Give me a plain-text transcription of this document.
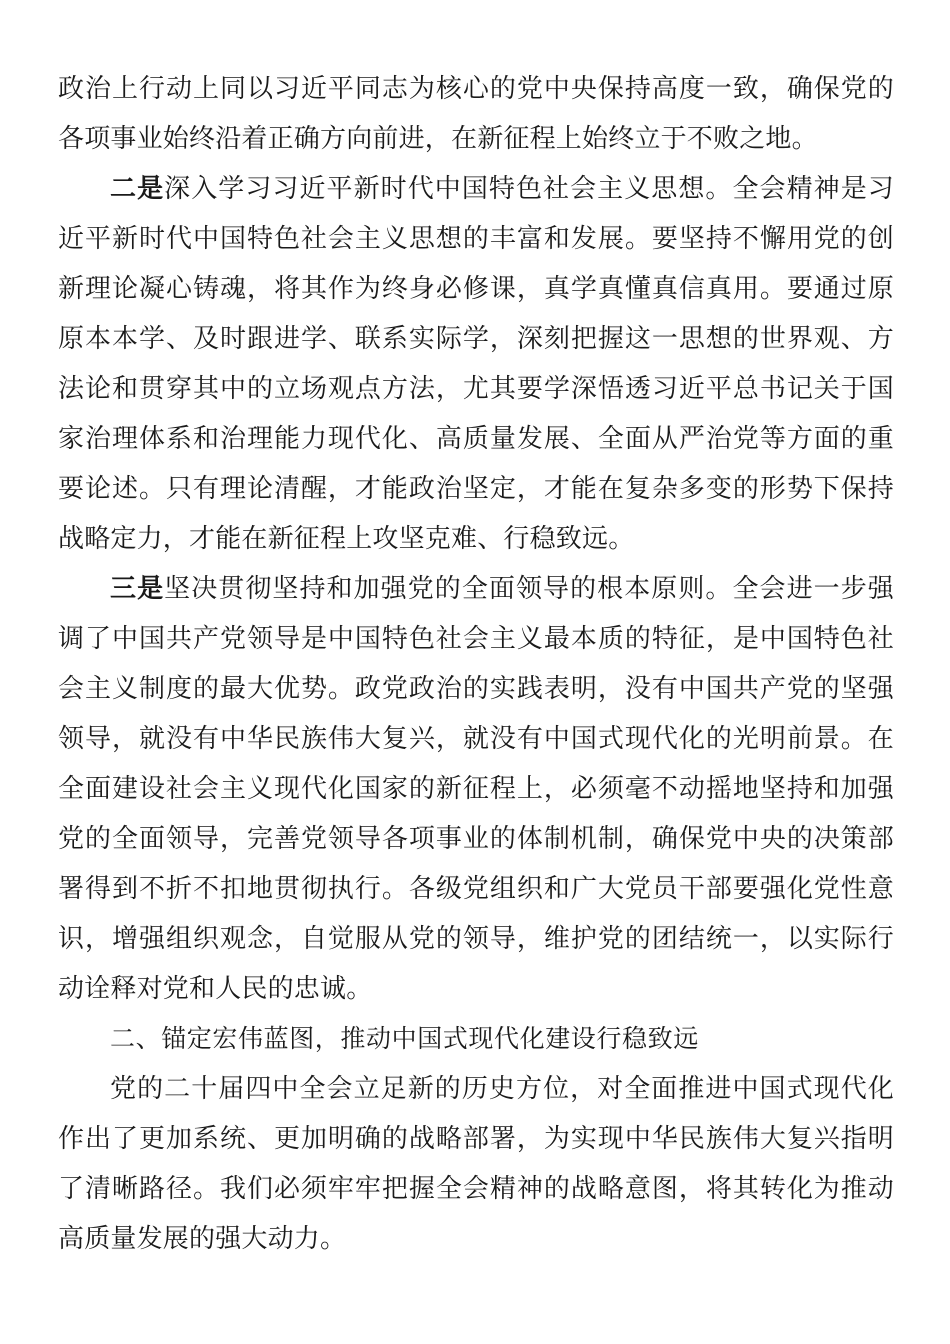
政治上行动上同以习近平同志为核心的党中央保持高度一致，确保党的各项事业始终沿着正确方向前进，在新征程上始终立于不败之地。

二是深入学习习近平新时代中国特色社会主义思想。全会精神是习近平新时代中国特色社会主义思想的丰富和发展。要坚持不懈用党的创新理论凝心铸魂，将其作为终身必修课，真学真懂真信真用。要通过原原本本学、及时跟进学、联系实际学，深刻把握这一思想的世界观、方法论和贯穿其中的立场观点方法，尤其要学深悟透习近平总书记关于国家治理体系和治理能力现代化、高质量发展、全面从严治党等方面的重要论述。只有理论清醒，才能政治坚定，才能在复杂多变的形势下保持战略定力，才能在新征程上攻坚克难、行稳致远。

三是坚决贯彻坚持和加强党的全面领导的根本原则。全会进一步强调了中国共产党领导是中国特色社会主义最本质的特征，是中国特色社会主义制度的最大优势。政党政治的实践表明，没有中国共产党的坚强领导，就没有中华民族伟大复兴，就没有中国式现代化的光明前景。在全面建设社会主义现代化国家的新征程上，必须毫不动摇地坚持和加强党的全面领导，完善党领导各项事业的体制机制，确保党中央的决策部署得到不折不扣地贯彻执行。各级党组织和广大党员干部要强化党性意识，增强组织观念，自觉服从党的领导，维护党的团结统一，以实际行动诠释对党和人民的忠诚。

二、锚定宏伟蓝图，推动中国式现代化建设行稳致远

党的二十届四中全会立足新的历史方位，对全面推进中国式现代化作出了更加系统、更加明确的战略部署，为实现中华民族伟大复兴指明了清晰路径。我们必须牢牢把握全会精神的战略意图，将其转化为推动高质量发展的强大动力。
